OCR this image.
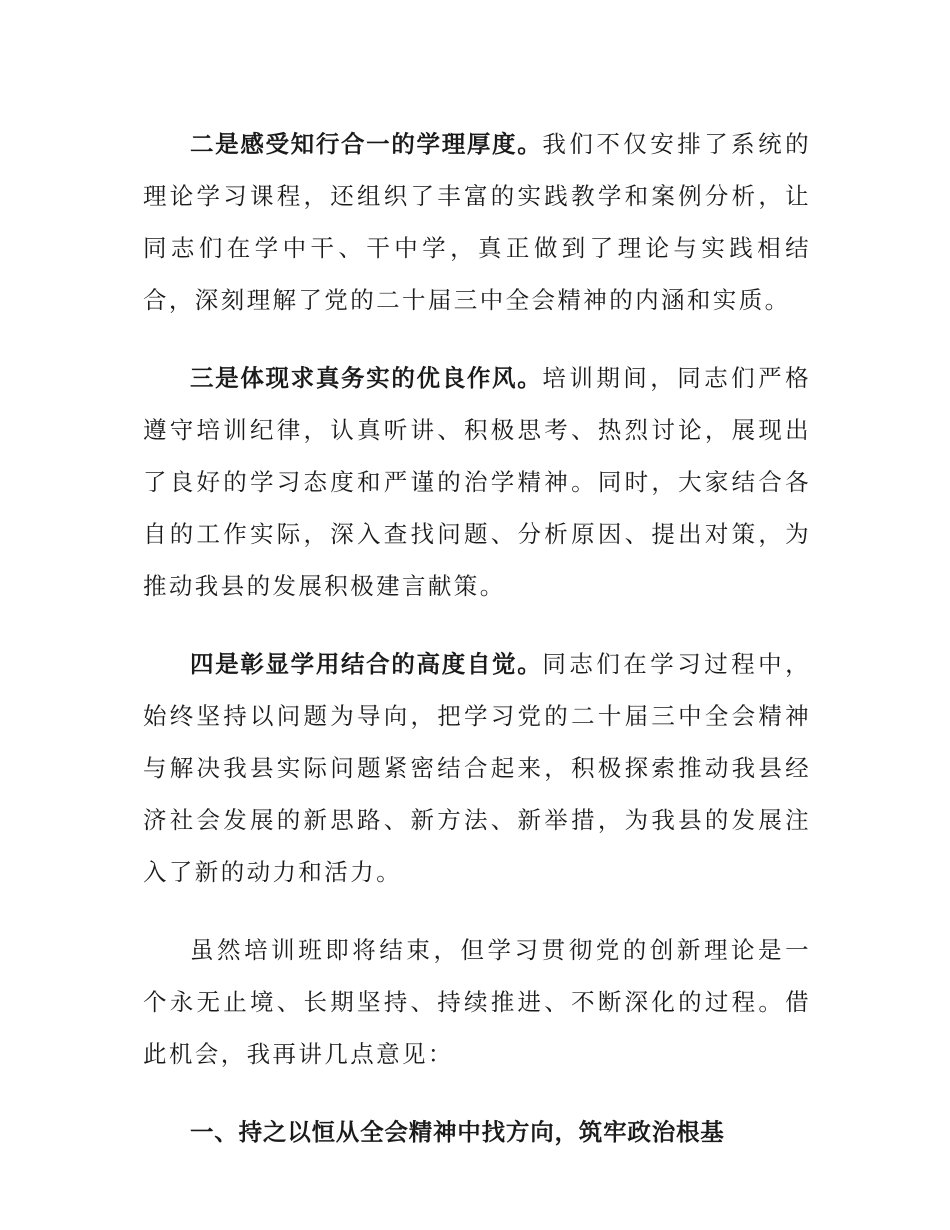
二是感受知行合一的学理厚度。我们不仅安排了系统的理论学习课程，还组织了丰富的实践教学和案例分析，让同志们在学中干、干中学，真正做到了理论与实践相结合，深刻理解了党的二十届三中全会精神的内涵和实质。

三是体现求真务实的优良作风。培训期间，同志们严格遵守培训纪律，认真听讲、积极思考、热烈讨论，展现出了良好的学习态度和严谨的治学精神。同时，大家结合各自的工作实际，深入查找问题、分析原因、提出对策，为推动我县的发展积极建言献策。

四是彰显学用结合的高度自觉。同志们在学习过程中，始终坚持以问题为导向，把学习党的二十届三中全会精神与解决我县实际问题紧密结合起来，积极探索推动我县经济社会发展的新思路、新方法、新举措，为我县的发展注入了新的动力和活力。

虽然培训班即将结束，但学习贯彻党的创新理论是一个永无止境、长期坚持、持续推进、不断深化的过程。借此机会，我再讲几点意见：

一、持之以恒从全会精神中找方向，筑牢政治根基
